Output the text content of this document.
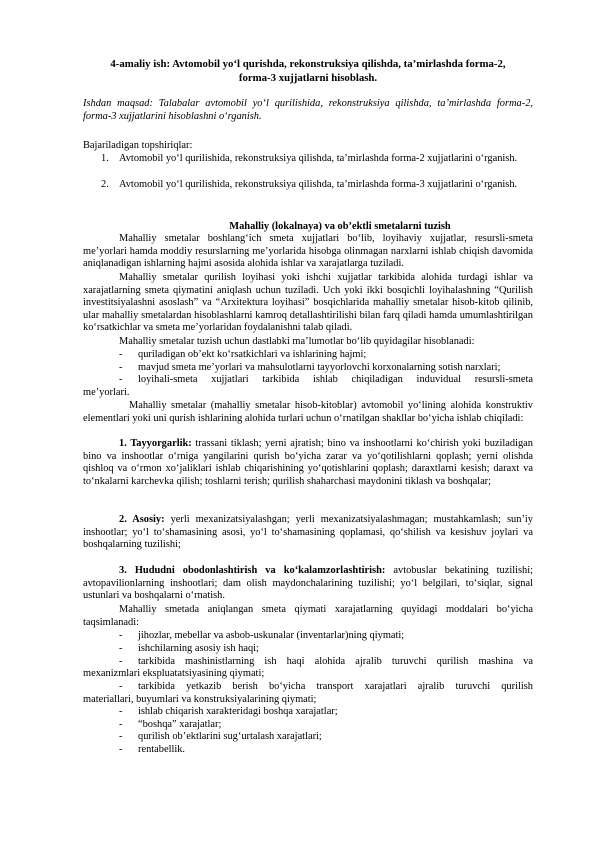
4-amaliy ish: Avtomobil yo‘l qurishda, rekonstruksiya qilishda, ta’mirlashda forma-2,
forma-3 xujjatlarni hisoblash.
Ishdan maqsad: Talabalar avtomobil yo‘l qurilishida, rekonstruksiya qilishda, ta’mirlashda forma-2, forma-3 xujjatlarini hisoblashni o‘rganish.
Bajariladigan topshiriqlar:
1. Avtomobil yo‘l qurilishida, rekonstruksiya qilishda, ta’mirlashda forma-2 xujjatlarini o‘rganish.
2. Avtomobil yo‘l qurilishida, rekonstruksiya qilishda, ta’mirlashda forma-3 xujjatlarini o‘rganish.
Mahalliy (lokalnaya) va ob’ektli smetalarni tuzish
Mahalliy smetalar boshlang‘ich smeta xujjatlari bo‘lib, loyihaviy xujjatlar, resursli-smeta me’yorlari hamda moddiy resurslarning me’yorlarida hisobga olinmagan narxlarni ishlab chiqish davomida aniqlanadigan ishlarning hajmi asosida alohida ishlar va xarajatlarga tuziladi.
Mahalliy smetalar qurilish loyihasi yoki ishchi xujjatlar tarkibida alohida turdagi ishlar va xarajatlarning smeta qiymatini aniqlash uchun tuziladi. Uch yoki ikki bosqichli loyihalashning “Qurilish investitsiyalashni asoslash” va “Arxitektura loyihasi” bosqichlarida mahalliy smetalar hisob-kitob qilinib, ular mahalliy smetalardan hisoblashlarni kamroq detallashtirilishi bilan farq qiladi hamda umumlashtirilgan ko‘rsatkichlar va smeta me’yorlaridan foydalanishni talab qiladi.
Mahalliy smetalar tuzish uchun dastlabki ma’lumotlar bo‘lib quyidagilar hisoblanadi:
- quriladigan ob’ekt ko‘rsatkichlari va ishlarining hajmi;
- mavjud smeta me’yorlari va mahsulotlarni tayyorlovchi korxonalarning sotish narxlari;
- loyihali-smeta xujjatlari tarkibida ishlab chiqiladigan induvidual resursli-smeta
me’yorlari.
Mahalliy smetalar (mahalliy smetalar hisob-kitoblar) avtomobil yo‘lining alohida konstruktiv elementlari yoki uni qurish ishlarining alohida turlari uchun o‘rnatilgan shakllar bo‘yicha ishlab chiqiladi:
1. Tayyorgarlik: trassani tiklash; yerni ajratish; bino va inshootlarni ko‘chirish yoki buziladigan bino va inshootlar o‘rniga yangilarini qurish bo‘yicha zarar va yo‘qotilishlarni qoplash; yerni olishda qishloq va o‘rmon xo‘jaliklari ishlab chiqarishining yo‘qotishlarini qoplash; daraxtlarni kesish; daraxt va to‘nkalarni karchevka qilish; toshlarni terish; qurilish shaharchasi maydonini tiklash va boshqalar;
2. Asosiy: yerli mexanizatsiyalashgan; yerli mexanizatsiyalashmagan; mustahkamlash; sun’iy inshootlar; yo‘l to‘shamasining asosi, yo‘l to‘shamasining qoplamasi, qo‘shilish va kesishuv joylari va boshqalarning tuzilishi;
3. Hududni obodonlashtirish va ko‘kalamzorlashtirish: avtobuslar bekatining tuzilishi; avtopavilionlarning inshootlari; dam olish maydonchalarining tuzilishi; yo‘l belgilari, to‘siqlar, signal ustunlari va boshqalarni o‘rnatish.
Mahalliy smetada aniqlangan smeta qiymati xarajatlarning quyidagi moddalari bo‘yicha taqsimlanadi:
- jihozlar, mebellar va asbob-uskunalar (inventarlar)ning qiymati;
- ishchilarning asosiy ish haqi;
- tarkibida mashinistlarning ish haqi alohida ajralib turuvchi qurilish mashina va
mexanizmlari ekspluatatsiyasining qiymati;
- tarkibida yetkazib berish bo‘yicha transport xarajatlari ajralib turuvchi qurilish
materiallari, buyumlari va konstruksiyalarining qiymati;
- ishlab chiqarish xarakteridagi boshqa xarajatlar;
- “boshqa” xarajatlar;
- qurilish ob’ektlarini sug‘urtalash xarajatlari;
- rentabellik.
